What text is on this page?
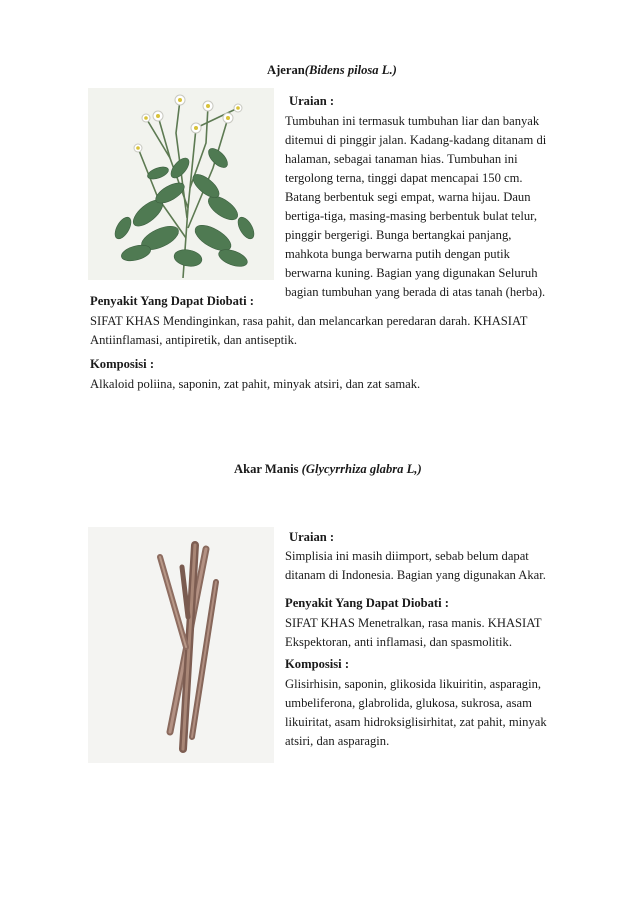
Ajeran(Bidens pilosa L.)
Uraian :
Tumbuhan ini termasuk tumbuhan liar dan banyak
ditemui di pinggir jalan. Kadang-kadang ditanam di
halaman, sebagai tanaman hias. Tumbuhan ini
tergolong terna, tinggi dapat mencapai 150 cm.
Batang berbentuk segi empat, warna hijau. Daun
bertiga-tiga, masing-masing berbentuk bulat telur,
pinggir bergerigi. Bunga bertangkai panjang,
mahkota bunga berwarna putih dengan putik
berwarna kuning. Bagian yang digunakan Seluruh
bagian tumbuhan yang berada di atas tanah (herba).
Penyakit Yang Dapat Diobati :
SIFAT KHAS Mendinginkan, rasa pahit, dan melancarkan peredaran darah. KHASIAT
Antiinflamasi, antipiretik, dan antiseptik.
Komposisi :
Alkaloid poliina, saponin, zat pahit, minyak atsiri, dan zat samak.
Akar Manis (Glycyrrhiza glabra L,)
Uraian :
Simplisia ini masih diimport, sebab belum dapat
ditanam di Indonesia. Bagian yang digunakan Akar.
Penyakit Yang Dapat Diobati :
SIFAT KHAS Menetralkan, rasa manis. KHASIAT
Ekspektoran, anti inflamasi, dan spasmolitik.
Komposisi :
Glisirhisin, saponin, glikosida likuiritin, asparagin,
umbeliferona, glabrolida, glukosa, sukrosa, asam
likuiritat, asam hidroksiglisirhitat, zat pahit, minyak
atsiri, dan asparagin.
